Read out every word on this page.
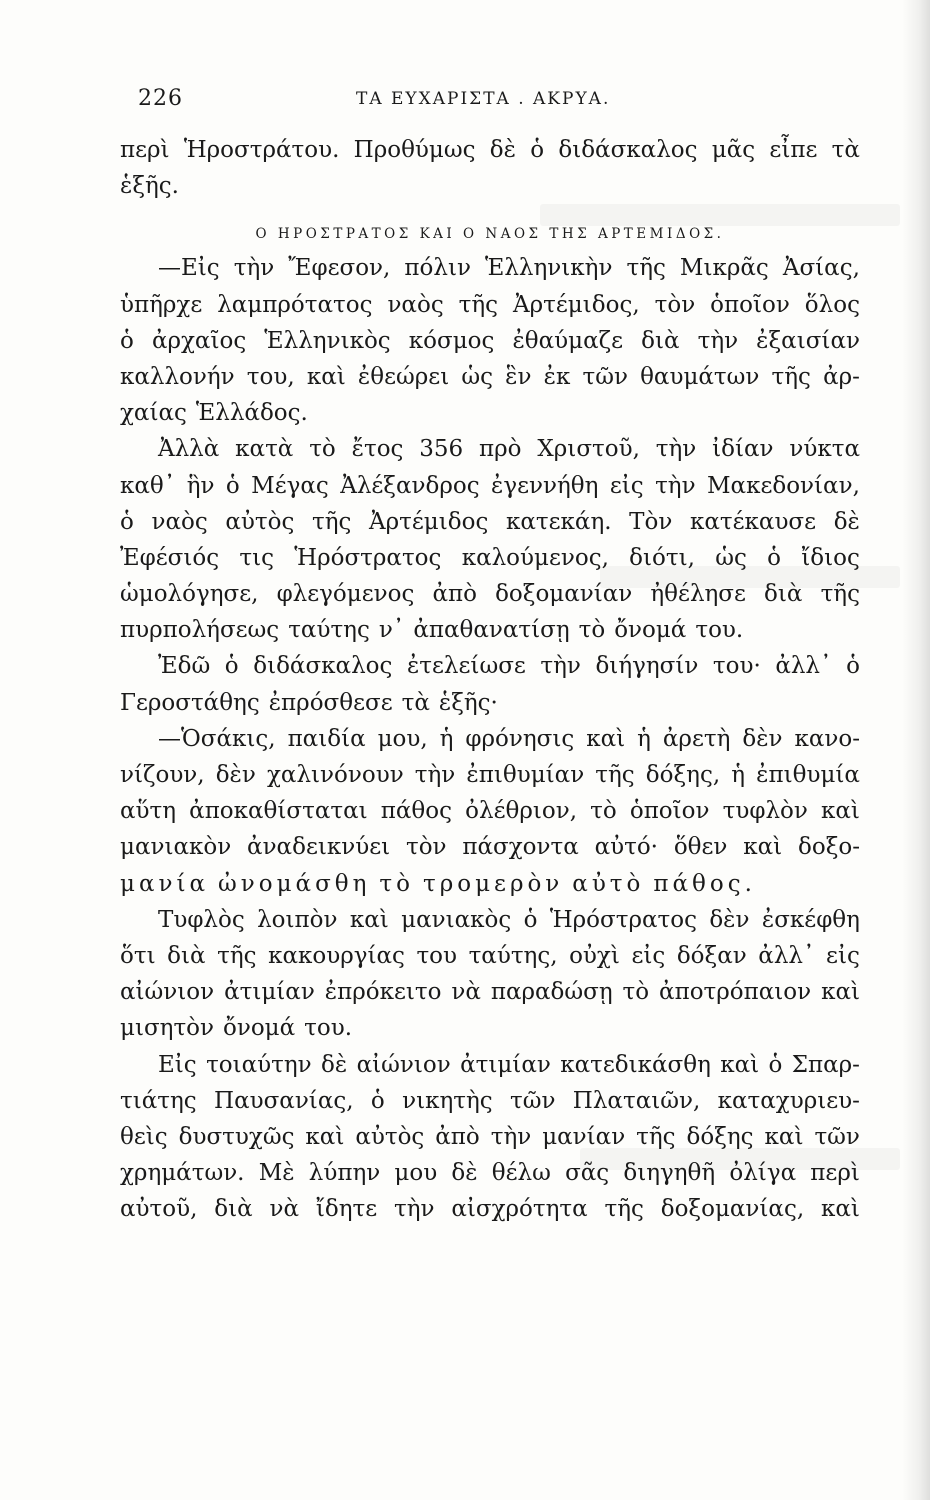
226	ΤΑ ΕΥΧΑΡΙΣΤΑ . ΑΚΡΥΑ.
περὶ Ἡροστράτου. Προθύμως δὲ ὁ διδάσκαλος μᾶς εἶπε τὰ
ἑξῆς.
Ο ΗΡΟΣΤΡΑΤΟΣ ΚΑΙ Ο ΝΑΟΣ ΤΗΣ ΑΡΤΕΜΙΔΟΣ.
—Εἰς τὴν Ἔφεσον, πόλιν Ἑλληνικὴν τῆς Μικρᾶς Ἀσίας,
ὑπῆρχε λαμπρότατος ναὸς τῆς Ἀρτέμιδος, τὸν ὁποῖον ὅλος
ὁ ἀρχαῖος Ἑλληνικὸς κόσμος ἐθαύμαζε διὰ τὴν ἐξαισίαν
καλλονήν του, καὶ ἐθεώρει ὡς ἓν ἐκ τῶν θαυμάτων τῆς ἀρ-
χαίας Ἑλλάδος.
Ἀλλὰ κατὰ τὸ ἔτος 356 πρὸ Χριστοῦ, τὴν ἰδίαν νύκτα
καθ᾽ ἣν ὁ Μέγας Ἀλέξανδρος ἐγεννήθη εἰς τὴν Μακεδονίαν,
ὁ ναὸς αὐτὸς τῆς Ἀρτέμιδος κατεκάη. Τὸν κατέκαυσε δὲ
Ἐφέσιός τις Ἡρόστρατος καλούμενος, διότι, ὡς ὁ ἴδιος
ὡμολόγησε, φλεγόμενος ἀπὸ δοξομανίαν ἠθέλησε διὰ τῆς
πυρπολήσεως ταύτης ν᾽ ἀπαθανατίσῃ τὸ ὄνομά του.
Ἐδῶ ὁ διδάσκαλος ἐτελείωσε τὴν διήγησίν του· ἀλλ᾽ ὁ
Γεροστάθης ἐπρόσθεσε τὰ ἑξῆς·
—Ὁσάκις, παιδία μου, ἡ φρόνησις καὶ ἡ ἀρετὴ δὲν κανο-
νίζουν, δὲν χαλινόνουν τὴν ἐπιθυμίαν τῆς δόξης, ἡ ἐπιθυμία
αὕτη ἀποκαθίσταται πάθος ὀλέθριον, τὸ ὁποῖον τυφλὸν καὶ
μανιακὸν ἀναδεικνύει τὸν πάσχοντα αὐτό· ὅθεν καὶ δοξο-
μανία ὠνομάσθη τὸ τρομερὸν αὐτὸ πάθος.
Τυφλὸς λοιπὸν καὶ μανιακὸς ὁ Ἡρόστρατος δὲν ἐσκέφθη
ὅτι διὰ τῆς κακουργίας του ταύτης, οὐχὶ εἰς δόξαν ἀλλ᾽ εἰς
αἰώνιον ἀτιμίαν ἐπρόκειτο νὰ παραδώσῃ τὸ ἀποτρόπαιον καὶ
μισητὸν ὄνομά του.
Εἰς τοιαύτην δὲ αἰώνιον ἀτιμίαν κατεδικάσθη καὶ ὁ Σπαρ-
τιάτης Παυσανίας, ὁ νικητὴς τῶν Πλαταιῶν, καταχυριευ-
θεὶς δυστυχῶς καὶ αὐτὸς ἀπὸ τὴν μανίαν τῆς δόξης καὶ τῶν
χρημάτων. Μὲ λύπην μου δὲ θέλω σᾶς διηγηθῆ ὀλίγα περὶ
αὐτοῦ, διὰ νὰ ἴδητε τὴν αἰσχρότητα τῆς δοξομανίας, καὶ
